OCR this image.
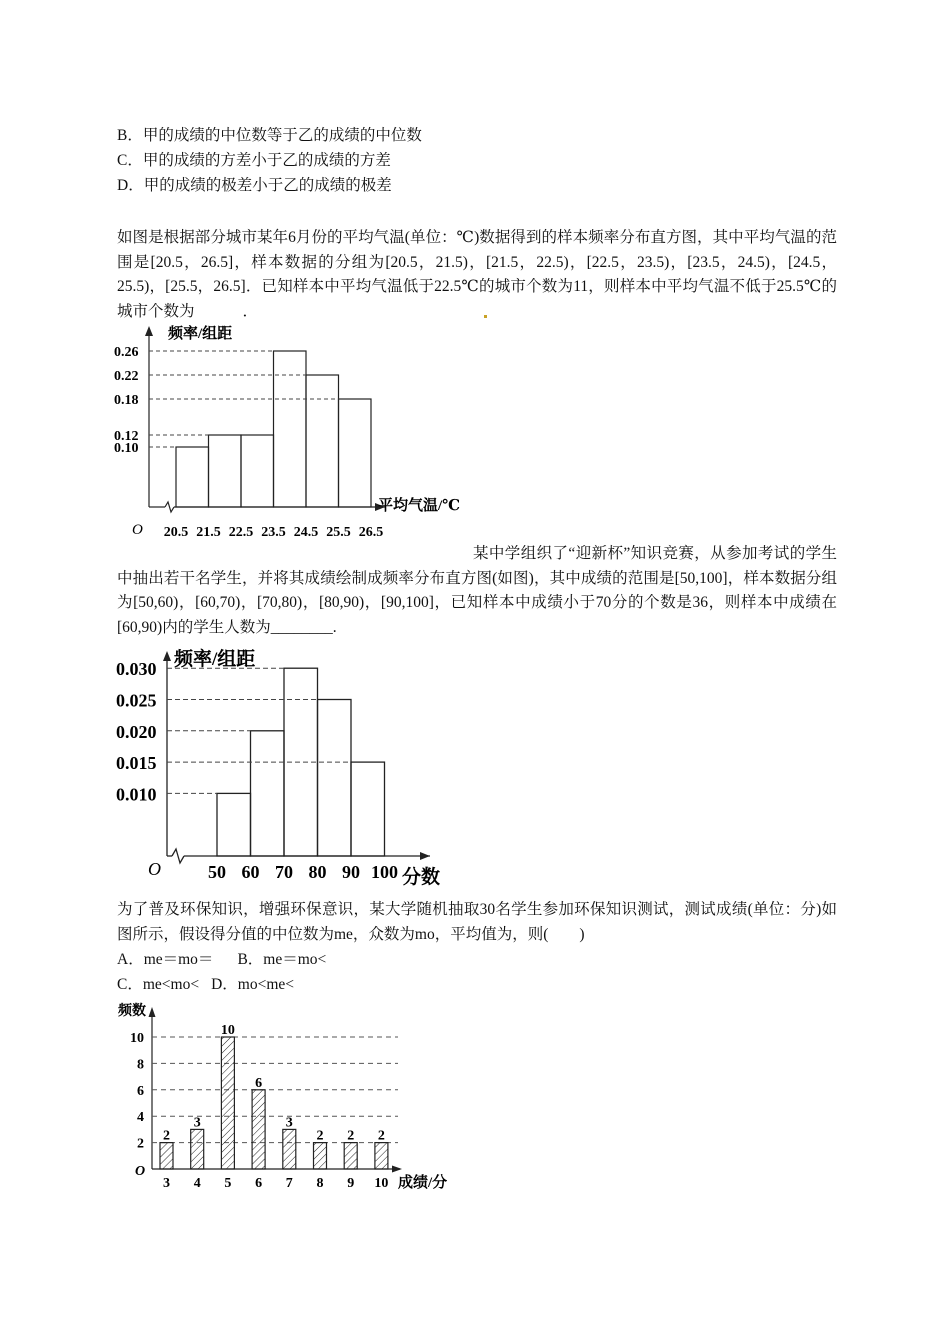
B．甲的成绩的中位数等于乙的成绩的中位数
C．甲的成绩的方差小于乙的成绩的方差
D．甲的成绩的极差小于乙的成绩的极差
如图是根据部分城市某年6月份的平均气温(单位：℃)数据得到的样本频率分布直方图，其中平均气温的范围是[20.5，26.5]，样本数据的分组为[20.5，21.5)，[21.5，22.5)，[22.5，23.5)，[23.5，24.5)，[24.5，25.5)，[25.5，26.5]．已知样本中平均气温低于22.5℃的城市个数为11，则样本中平均气温不低于25.5℃的城市个数为	．
频率/组距
平均气温/℃
O
0.26
0.22
0.18
0.12
0.10
20.5 21.5 22.5 23.5 24.5 25.5 26.5
某中学组织了“迎新杯”知识竞赛，从参加考试的学生中抽出若干名学生，并将其成绩绘制成频率分布直方图(如图)，其中成绩的范围是[50,100]，样本数据分组为[50,60)，[60,70)，[70,80)，[80,90)，[90,100]，已知样本中成绩小于70分的个数是36，则样本中成绩在[60,90)内的学生人数为________.
频率/组距
分数
O
0.030
0.025
0.020
0.015
0.010
50 60 70 80 90 100
为了普及环保知识，增强环保意识，某大学随机抽取30名学生参加环保知识测试，测试成绩(单位：分)如图所示，假设得分值的中位数为me，众数为mo，平均值为，则(　　)
A．me＝mo＝ B．me＝mo<
C．me<mo< D．mo<me<
频数
成绩/分
O
10
8
6
4
2
2
3
3
4
10
5
6
6
3
7
2
8
2
9
2
10
